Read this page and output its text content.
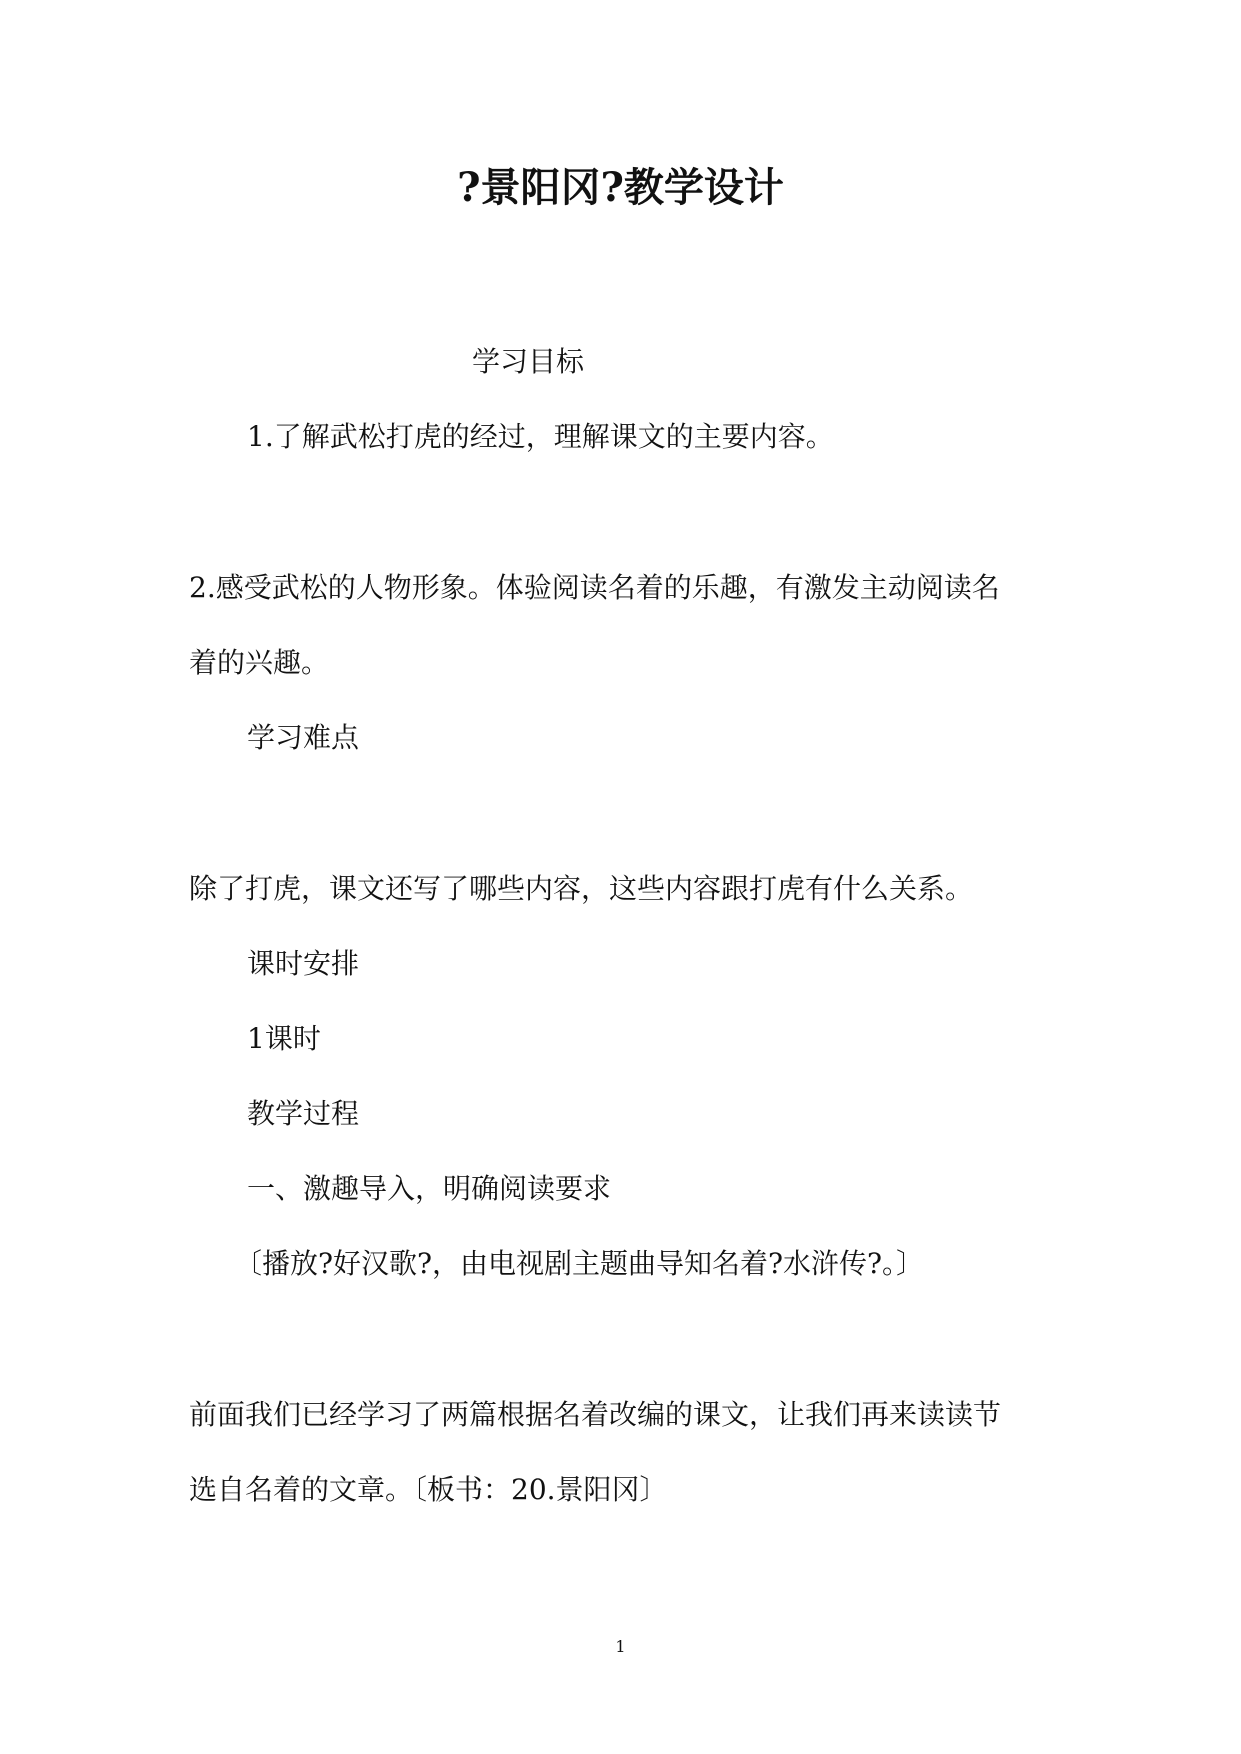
?景阳冈?教学设计
学习目标
1.了解武松打虎的经过，理解课文的主要内容。
2.感受武松的人物形象。体验阅读名着的乐趣，有激发主动阅读名
着的兴趣。
学习难点
除了打虎，课文还写了哪些内容，这些内容跟打虎有什么关系。
课时安排
1课时
教学过程
一、激趣导入，明确阅读要求
〔播放?好汉歌?，由电视剧主题曲导知名着?水浒传?。〕
前面我们已经学习了两篇根据名着改编的课文，让我们再来读读节
选自名着的文章。〔板书：20.景阳冈〕
1
